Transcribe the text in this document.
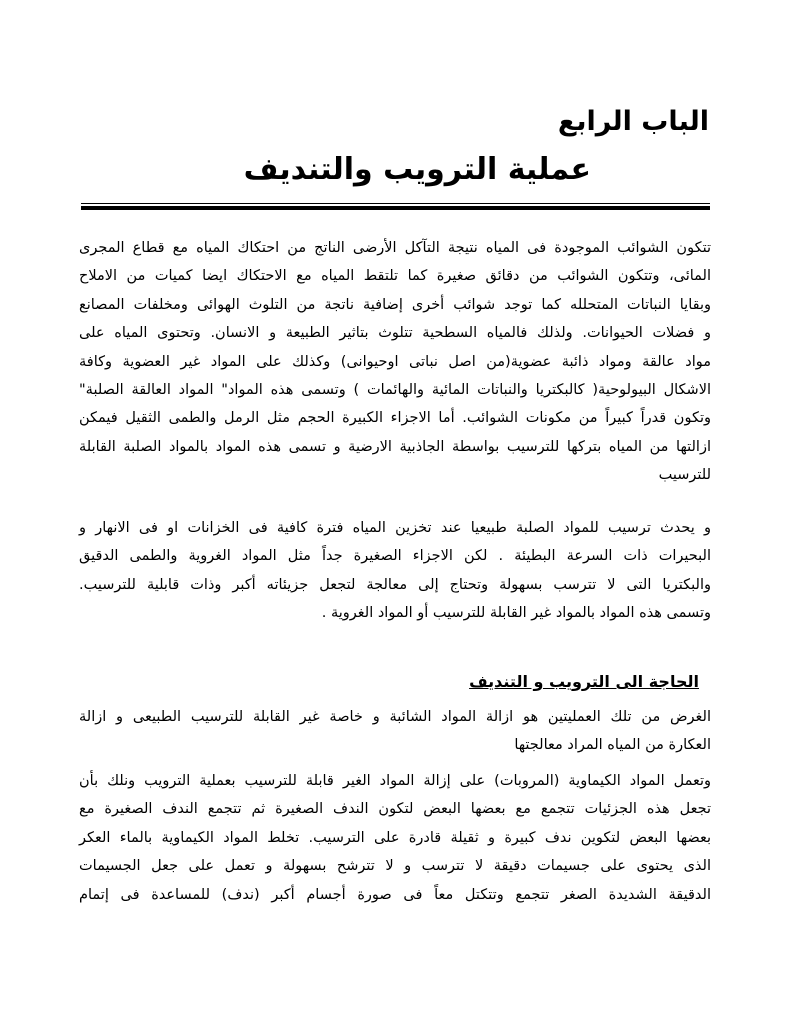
الباب الرابع
عملية الترويب والتنديف
تتكون الشوائب الموجودة فى المياه نتيجة التآكل الأرضى الناتج من احتكاك المياه مع قطاع المجرى
المائى، وتتكون الشوائب من دقائق صغيرة كما تلتقط المياه مع الاحتكاك ايضا كميات من الاملاح
وبقايا النباتات المتحلله كما توجد شوائب أخرى إضافية ناتجة من التلوث الهوائى ومخلفات المصانع
و فضلات الحيوانات. ولذلك فالمياه السطحية تتلوث بتاثير الطبيعة و الانسان. وتحتوى المياه على
مواد عالقة ومواد ذائبة عضوية(من اصل نباتى اوحيوانى) وكذلك على المواد غير العضوية وكافة
الاشكال البيولوحية( كالبكتريا والنباتات المائية والهائمات ) وتسمى هذه المواد" المواد العالقة الصلبة"
وتكون قدراً كبيراً من مكونات الشوائب. أما الاجزاء الكبيرة الحجم مثل الرمل والطمى الثقيل فيمكن
ازالتها من المياه بتركها للترسيب بواسطة الجاذبية الارضية و تسمى هذه المواد بالمواد الصلبة القابلة
للترسيب
و يحدث ترسيب للمواد الصلبة طبيعيا عند تخزين المياه فترة كافية فى الخزانات او فى الانهار و
البحيرات ذات السرعة البطيئة . لكن الاجزاء الصغيرة جداً مثل المواد الغروية والطمى الدقيق
والبكتريا التى لا تترسب بسهولة وتحتاج إلى معالجة لتجعل جزيئاته أكبر وذات قابلية للترسيب.
وتسمى هذه المواد بالمواد غير القابلة للترسيب أو المواد الغروية .
الحاجة الى الترويب و التنديف
الغرض من تلك العمليتين هو ازالة المواد الشائبة و خاصة غير القابلة للترسيب الطبيعى و ازالة
العكارة من المياه المراد معالجتها
وتعمل المواد الكيماوية (المروبات) على إزالة المواد الغير قابلة للترسيب بعملية الترويب ونلك بأن
تجعل هذه الجزئيات تتجمع مع بعضها البعض لتكون الندف الصغيرة ثم تتجمع الندف الصغيرة مع
بعضها البعض لتكوين ندف كبيرة و ثقيلة قادرة على الترسيب. تخلط المواد الكيماوية بالماء العكر
الذى يحتوى على جسيمات دقيقة لا تترسب و لا تترشح بسهولة و تعمل على جعل الجسيمات
الدقيقة الشديدة الصغر تتجمع وتتكتل معاً فى صورة أجسام أكبر (ندف) للمساعدة فى إتمام
